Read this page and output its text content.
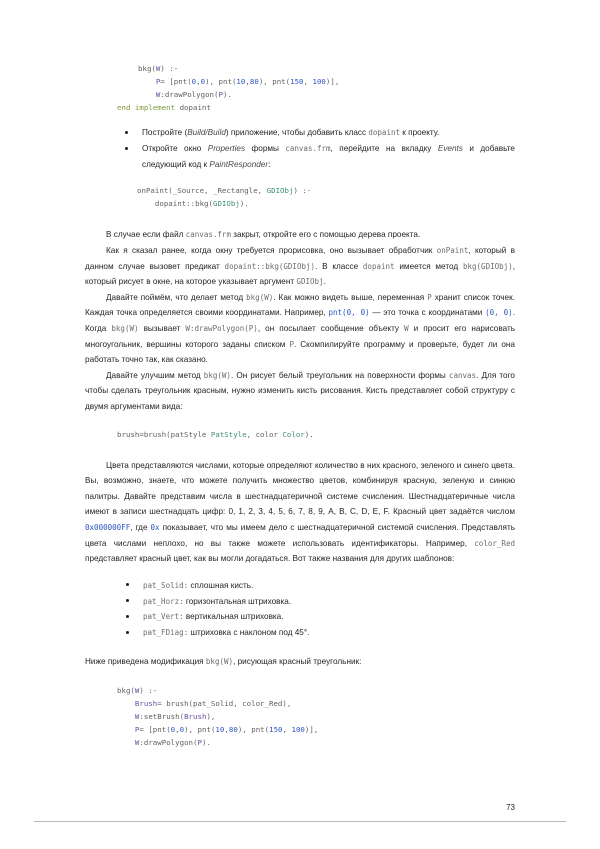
bkg(W) :-
P= [pnt(0,0), pnt(10,80), pnt(150, 100)],
W:drawPolygon(P).
end implement dopaint
Постройте (Build/Build) приложение, чтобы добавить класс dopaint к проекту.
Откройте окно Properties формы canvas.frm, перейдите на вкладку Events и добавьте следующий код к PaintResponder:
onPaint(_Source, _Rectangle, GDIObj) :-
dopaint::bkg(GDIObj).

В случае если файл canvas.frm закрыт, откройте его с помощью дерева проекта.

Как я сказал ранее, когда окну требуется прорисовка, оно вызывает обработчик onPaint, который в данном случае вызовет предикат dopaint::bkg(GDIObj). В классе dopaint имеется метод bkg(GDIObj), который рисует в окне, на которое указывает аргумент GDIObj.

Давайте поймём, что делает метод bkg(W). Как можно видеть выше, переменная P хранит список точек. Каждая точка определяется своими координатами. Например, pnt(0, 0) — это точка с координатами (0, 0). Когда bkg(W) вызывает W:drawPolygon(P), он посылает сообщение объекту W и просит его нарисовать многоугольник, вершины которого заданы списком P. Скомпилируйте программу и проверьте, будет ли она работать точно так, как сказано.

Давайте улучшим метод bkg(W). Он рисует белый треугольник на поверхности формы canvas. Для того чтобы сделать треугольник красным, нужно изменить кисть рисования. Кисть представляет собой структуру с двумя аргументами вида:

brush=brush(patStyle PatStyle, color Color).

Цвета представляются числами, которые определяют количество в них красного, зеленого и синего цвета. Вы, возможно, знаете, что можете получить множество цветов, комбинируя красную, зеленую и синюю палитры. Давайте представим числа в шестнадцатеричной системе счисления. Шестнадцатеричные числа имеют в записи шестнадцать цифр: 0, 1, 2, 3, 4, 5, 6, 7, 8, 9, A, B, C, D, E, F. Красный цвет задаётся числом 0x000000FF, где 0x показывает, что мы имеем дело с шестнадцатеричной системой счисления. Представлять цвета числами неплохо, но вы также можете использовать идентификаторы. Например, color_Red представляет красный цвет, как вы могли догадаться. Вот также названия для других шаблонов:

pat_Solid: сплошная кисть.
pat_Horz: горизонтальная штриховка.
pat_Vert: вертикальная штриховка.
pat_FDiag: штриховка с наклоном под 45°.

Ниже приведена модификация bkg(W), рисующая красный треугольник:

bkg(W) :-
Brush= brush(pat_Solid, color_Red),
W:setBrush(Brush),
P= [pnt(0,0), pnt(10,80), pnt(150, 100)],
W:drawPolygon(P).
73
